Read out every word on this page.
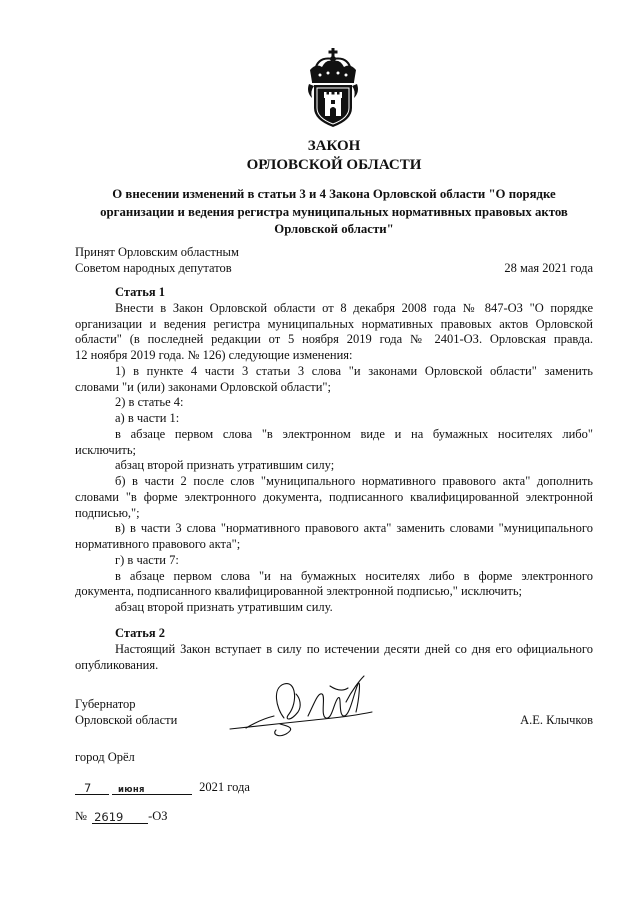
ЗАКОН
ОРЛОВСКОЙ ОБЛАСТИ
О внесении изменений в статьи 3 и 4 Закона Орловской области "О порядке
организации и ведения регистра муниципальных нормативных правовых актов
Орловской области"
Принят Орловским областным
Советом народных депутатов	28 мая 2021 года
Статья 1
Внести в Закон Орловской области от 8 декабря 2008 года № 847-ОЗ "О порядке
организации и ведения регистра муниципальных нормативных правовых актов Орловской
области" (в последней редакции от 5 ноября 2019 года № 2401-ОЗ. Орловская правда.
12 ноября 2019 года. № 126) следующие изменения:
1) в пункте 4 части 3 статьи 3 слова "и законами Орловской области" заменить
словами "и (или) законами Орловской области";
2) в статье 4:
а) в части 1:
в абзаце первом слова "в электронном виде и на бумажных носителях либо"
исключить;
абзац второй признать утратившим силу;
б) в части 2 после слов "муниципального нормативного правового акта" дополнить
словами "в форме электронного документа, подписанного квалифицированной электронной
подписью,";
в) в части 3 слова "нормативного правового акта" заменить словами "муниципального
нормативного правового акта";
г) в части 7:
в абзаце первом слова "и на бумажных носителях либо в форме электронного
документа, подписанного квалифицированной электронной подписью," исключить;
абзац второй признать утратившим силу.
Статья 2
Настоящий Закон вступает в силу по истечении десяти дней со дня его официального
опубликования.
Губернатор
Орловской области	А.Е. Клычков
город Орёл
7	июня	2021 года
№ 2619 -ОЗ
